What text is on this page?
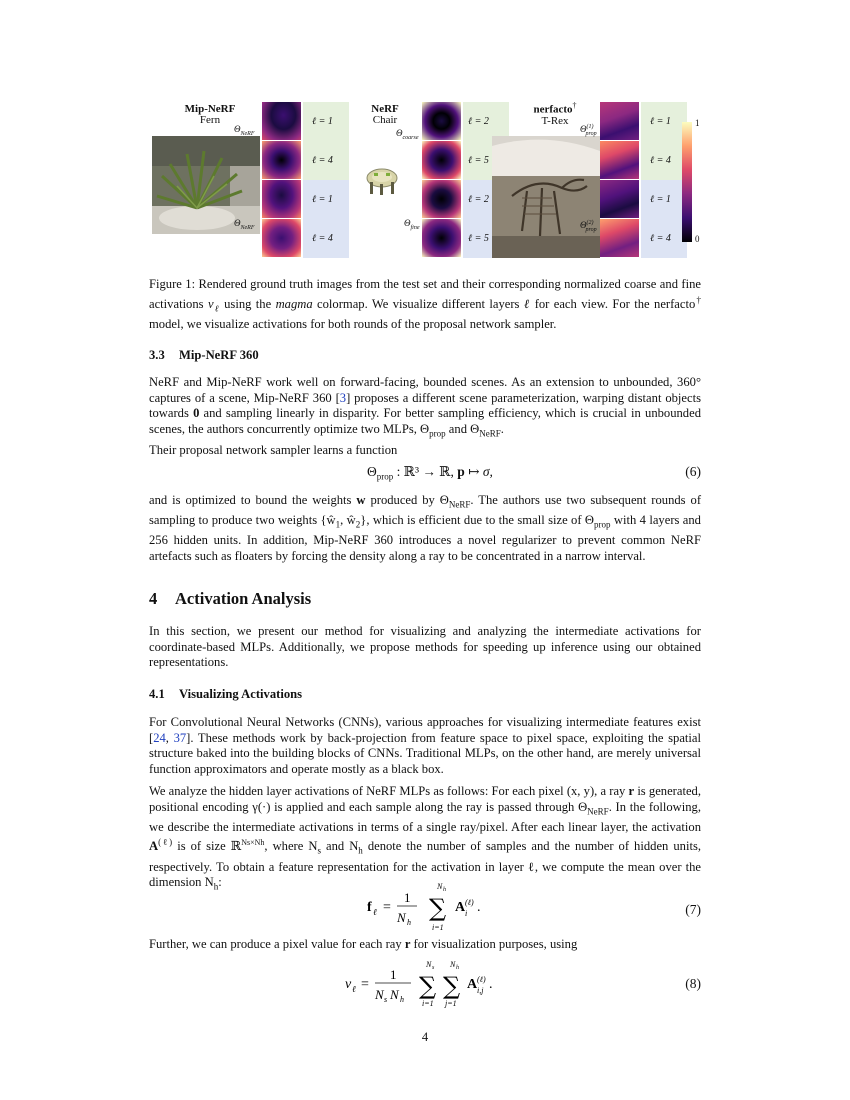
Mip-NeRF
Fern
$\Theta_{NeRF}$
$\Theta_{NeRF}$
ℓ = 1
ℓ = 4
ℓ = 1
ℓ = 4
NeRF
Chair
$\Theta_{coarse}$
$\Theta_{fine}$
ℓ = 2
ℓ = 5
ℓ = 2
ℓ = 5
nerfacto†
T-Rex
$\Theta^{(1)}_{prop}$
$\Theta^{(2)}_{prop}$
ℓ = 1
ℓ = 4
ℓ = 1
ℓ = 4
1
0

Figure 1: Rendered ground truth images from the test set and their corresponding normalized coarse and fine activations $v_\ell$ using the magma colormap. We visualize different layers ℓ for each view. For the nerfacto† model, we visualize activations for both rounds of the proposal network sampler.

3.3 Mip-NeRF 360

NeRF and Mip-NeRF work well on forward-facing, bounded scenes. As an extension to unbounded, 360° captures of a scene, Mip-NeRF 360 [3] proposes a different scene parameterization, warping distant objects towards 0 and sampling linearly in disparity. For better sampling efficiency, which is crucial in unbounded scenes, the authors concurrently optimize two MLPs, $\Theta_{prop}$ and $\Theta_{NeRF}$.

Their proposal network sampler learns a function
$\Theta_{prop}$ : ℝ³ → ℝ, p ↦ σ,	(6)

and is optimized to bound the weights w produced by $\Theta_{NeRF}$. The authors use two subsequent rounds of sampling to produce two weights {$ŵ_1$, $ŵ_2$}, which is efficient due to the small size of $\Theta_{prop}$ with 4 layers and 256 hidden units. In addition, Mip-NeRF 360 introduces a novel regularizer to prevent common NeRF artefacts such as floaters by forcing the density along a ray to be concentrated in a narrow interval.

4 Activation Analysis
In this section, we present our method for visualizing and analyzing the intermediate activations for coordinate-based MLPs. Additionally, we propose methods for speeding up inference using our obtained representations.
4.1 Visualizing Activations

For Convolutional Neural Networks (CNNs), various approaches for visualizing intermediate features exist [24, 37]. These methods work by back-projection from feature space to pixel space, exploiting the spatial structure baked into the building blocks of CNNs. Traditional MLPs, on the other hand, are merely universal function approximators and operate mostly as a black box.

We analyze the hidden layer activations of NeRF MLPs as follows: For each pixel (x, y), a ray r is generated, positional encoding γ(·) is applied and each sample along the ray is passed through $\Theta_{NeRF}$. In the following, we describe the intermediate activations in terms of a single ray/pixel. After each linear layer, the activation $A^{(\ell)}$ is of size ℝ$^{Ns\times Nh}$, where $N_s$ and $N_h$ denote the number of samples and the number of hidden units, respectively. To obtain a feature representation for the activation in layer ℓ, we compute the mean over the dimension $N_h$:

f ℓ =
1
N h
N h
∑
i=1
A (ℓ)
i .	(7)

Further, we can produce a pixel value for each ray r for visualization purposes, using

v ℓ =
1
N s N h
N s
∑
i=1
N h
∑
j=1
A (ℓ)
i,j .	(8)
4
